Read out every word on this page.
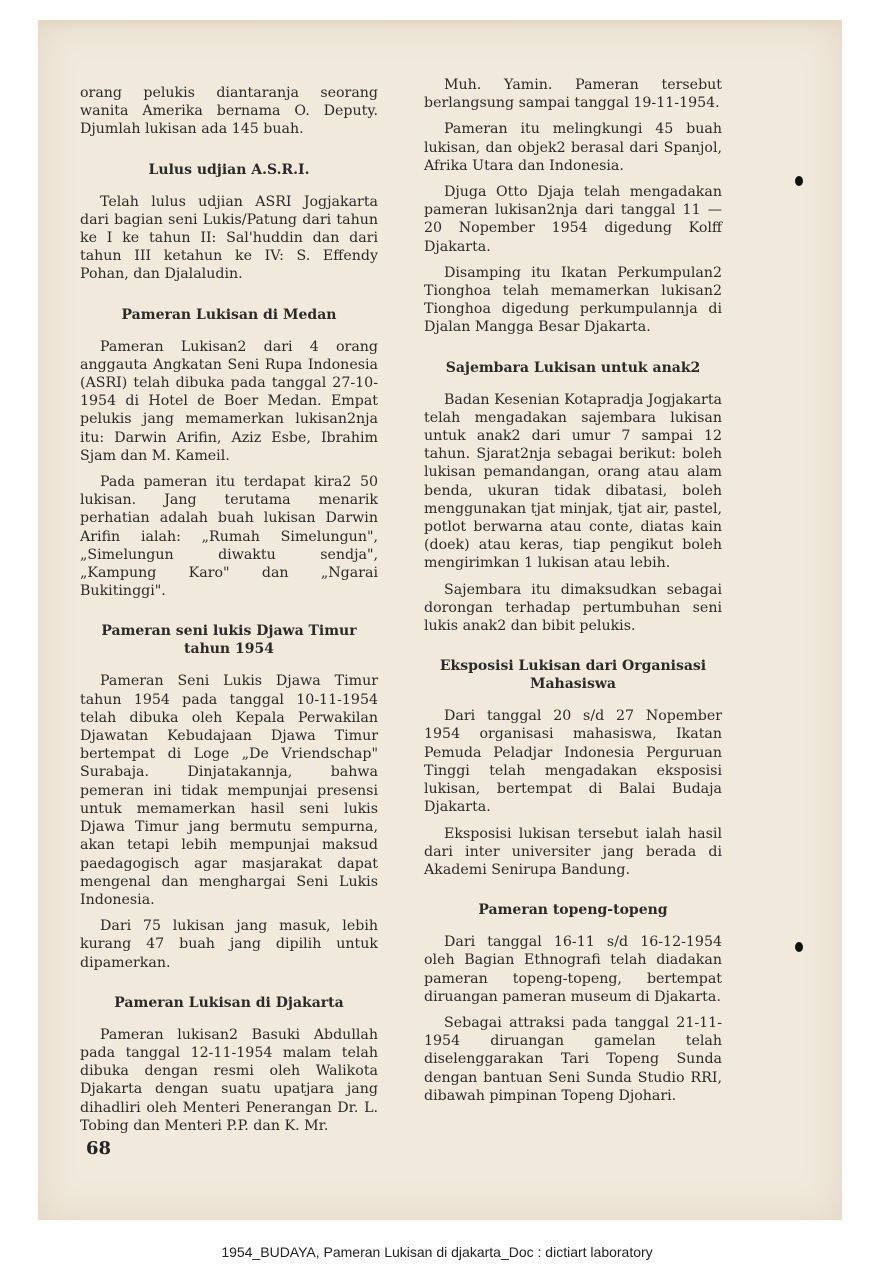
orang pelukis diantaranja seorang wanita Amerika bernama O. Deputy. Djumlah lukisan ada 145 buah.

Lulus udjian A.S.R.I.

Telah lulus udjian ASRI Jogjakarta dari bagian seni Lukis/Patung dari tahun ke I ke tahun II: Sal'huddin dan dari tahun III ketahun ke IV: S. Effendy Pohan, dan Djalaludin.

Pameran Lukisan di Medan

Pameran Lukisan2 dari 4 orang anggauta Angkatan Seni Rupa Indonesia (ASRI) telah dibuka pada tanggal 27-10-1954 di Hotel de Boer Medan. Empat pelukis jang memamerkan lukisan2nja itu: Darwin Arifin, Aziz Esbe, Ibrahim Sjam dan M. Kameil.

Pada pameran itu terdapat kira2 50 lukisan. Jang terutama menarik perhatian adalah buah lukisan Darwin Arifin ialah: „Rumah Simelungun", „Simelungun diwaktu sendja", „Kampung Karo" dan „Ngarai Bukitinggi".

Pameran seni lukis Djawa Timur tahun 1954

Pameran Seni Lukis Djawa Timur tahun 1954 pada tanggal 10-11-1954 telah dibuka oleh Kepala Perwakilan Djawatan Kebudajaan Djawa Timur bertempat di Loge „De Vriendschap" Surabaja. Dinjatakannja, bahwa pemeran ini tidak mempunjai presensi untuk memamerkan hasil seni lukis Djawa Timur jang bermutu sempurna, akan tetapi lebih mempunjai maksud paedagogisch agar masjarakat dapat mengenal dan menghargai Seni Lukis Indonesia.

Dari 75 lukisan jang masuk, lebih kurang 47 buah jang dipilih untuk dipamerkan.

Pameran Lukisan di Djakarta

Pameran lukisan2 Basuki Abdullah pada tanggal 12-11-1954 malam telah dibuka dengan resmi oleh Walikota Djakarta dengan suatu upatjara jang dihadliri oleh Menteri Penerangan Dr. L. Tobing dan Menteri P.P. dan K. Mr.

Muh. Yamin. Pameran tersebut berlangsung sampai tanggal 19-11-1954.

Pameran itu melingkungi 45 buah lukisan, dan objek2 berasal dari Spanjol, Afrika Utara dan Indonesia.

Djuga Otto Djaja telah mengadakan pameran lukisan2nja dari tanggal 11 — 20 Nopember 1954 digedung Kolff Djakarta.

Disamping itu Ikatan Perkumpulan2 Tionghoa telah memamerkan lukisan2 Tionghoa digedung perkumpulannja di Djalan Mangga Besar Djakarta.

Sajembara Lukisan untuk anak2

Badan Kesenian Kotapradja Jogjakarta telah mengadakan sajembara lukisan untuk anak2 dari umur 7 sampai 12 tahun. Sjarat2nja sebagai berikut: boleh lukisan pemandangan, orang atau alam benda, ukuran tidak dibatasi, boleh menggunakan tjat minjak, tjat air, pastel, potlot berwarna atau conte, diatas kain (doek) atau keras, tiap pengikut boleh mengirimkan 1 lukisan atau lebih.

Sajembara itu dimaksudkan sebagai dorongan terhadap pertumbuhan seni lukis anak2 dan bibit pelukis.

Eksposisi Lukisan dari Organisasi Mahasiswa

Dari tanggal 20 s/d 27 Nopember 1954 organisasi mahasiswa, Ikatan Pemuda Peladjar Indonesia Perguruan Tinggi telah mengadakan eksposisi lukisan, bertempat di Balai Budaja Djakarta.

Eksposisi lukisan tersebut ialah hasil dari inter universiter jang berada di Akademi Senirupa Bandung.

Pameran topeng-topeng

Dari tanggal 16-11 s/d 16-12-1954 oleh Bagian Ethnografi telah diadakan pameran topeng-topeng, bertempat diruangan pameran museum di Djakarta.

Sebagai attraksi pada tanggal 21-11-1954 diruangan gamelan telah diselenggarakan Tari Topeng Sunda dengan bantuan Seni Sunda Studio RRI, dibawah pimpinan Topeng Djohari.

68
1954_BUDAYA, Pameran Lukisan di djakarta_Doc : dictiart laboratory
